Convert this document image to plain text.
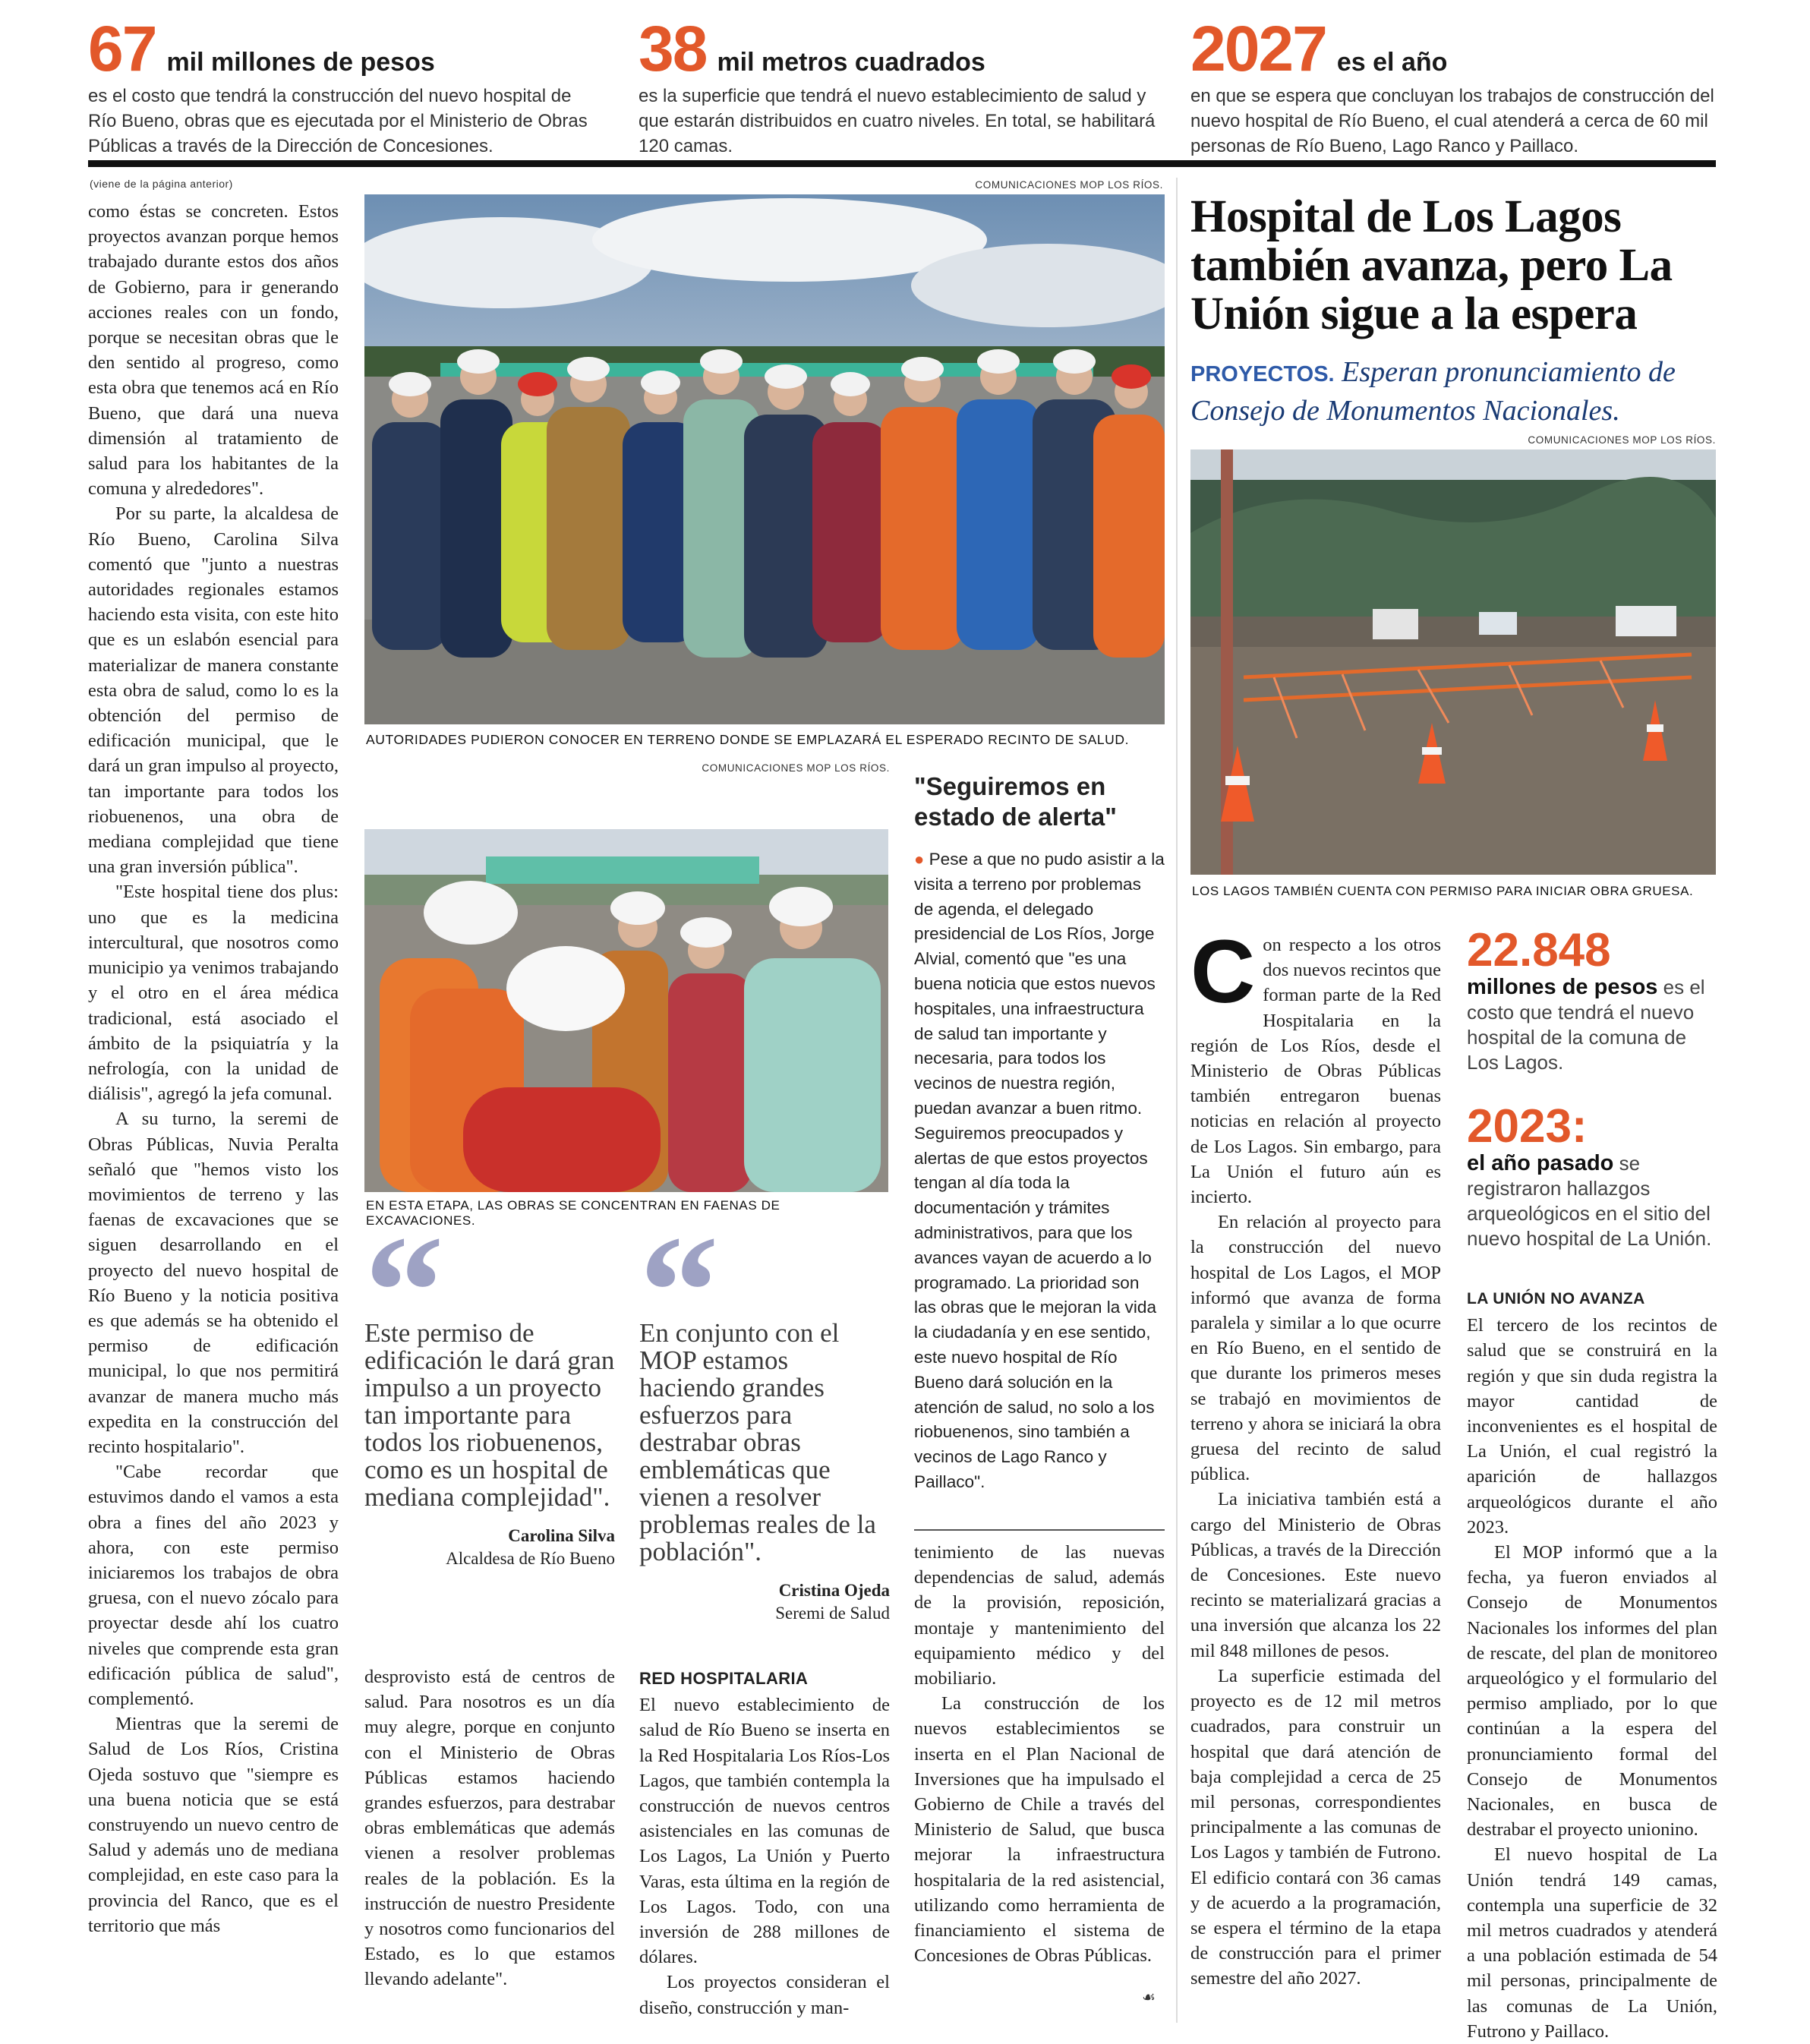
67 mil millones de pesos
es el costo que tendrá la construcción del nuevo hospital de Río Bueno, obras que es ejecutada por el Ministerio de Obras Públicas a través de la Dirección de Concesiones.
38 mil metros cuadrados
es la superficie que tendrá el nuevo establecimiento de salud y que estarán distribuidos en cuatro niveles. En total, se habilitará 120 camas.
2027 es el año
en que se espera que concluyan los trabajos de construcción del nuevo hospital de Río Bueno, el cual atenderá a cerca de 60 mil personas de Río Bueno, Lago Ranco y Paillaco.
(viene de la página anterior)

como éstas se concreten. Estos proyectos avanzan porque hemos trabajado durante estos dos años de Gobierno, para ir generando acciones reales con un fondo, porque se necesitan obras que le den sentido al progreso, como esta obra que tenemos acá en Río Bueno, que dará una nueva dimensión al tratamiento de salud para los habitantes de la comuna y alrededores".

Por su parte, la alcaldesa de Río Bueno, Carolina Silva comentó que "junto a nuestras autoridades regionales estamos haciendo esta visita, con este hito que es un eslabón esencial para materializar de manera constante esta obra de salud, como lo es la obtención del permiso de edificación municipal, que le dará un gran impulso al proyecto, tan importante para todos los riobuenenos, una obra de mediana complejidad que tiene una gran inversión pública".

"Este hospital tiene dos plus: uno que es la medicina intercultural, que nosotros como municipio ya venimos trabajando y el otro en el área médica tradicional, está asociado el ámbito de la psiquiatría y la nefrología, con la unidad de diálisis", agregó la jefa comunal.

A su turno, la seremi de Obras Públicas, Nuvia Peralta señaló que "hemos visto los movimientos de terreno y las faenas de excavaciones que se siguen desarrollando en el proyecto del nuevo hospital de Río Bueno y la noticia positiva es que además se ha obtenido el permiso de edificación municipal, lo que nos permitirá avanzar de manera mucho más expedita en la construcción del recinto hospitalario".

"Cabe recordar que estuvimos dando el vamos a esta obra a fines del año 2023 y ahora, con este permiso iniciaremos los trabajos de obra gruesa, con el nuevo zócalo para proyectar desde ahí los cuatro niveles que comprende esta gran edificación pública de salud", complementó.

Mientras que la seremi de Salud de Los Ríos, Cristina Ojeda sostuvo que "siempre es una buena noticia que se está construyendo un nuevo centro de Salud y además uno de mediana complejidad, en este caso para la provincia del Ranco, que es el territorio que más

COMUNICACIONES MOP LOS RÍOS.
AUTORIDADES PUDIERON CONOCER EN TERRENO DONDE SE EMPLAZARÁ EL ESPERADO RECINTO DE SALUD.
COMUNICACIONES MOP LOS RÍOS.
EN ESTA ETAPA, LAS OBRAS SE CONCENTRAN EN FAENAS DE EXCAVACIONES.
Este permiso de edificación le dará gran impulso a un proyecto tan importante para todos los riobuenenos, como es un hospital de mediana complejidad".
Carolina Silva
Alcaldesa de Río Bueno
En conjunto con el MOP estamos haciendo grandes esfuerzos para destrabar obras emblemáticas que vienen a resolver problemas reales de la población".
Cristina Ojeda
Seremi de Salud
"Seguiremos en estado de alerta"
● Pese a que no pudo asistir a la visita a terreno por problemas de agenda, el delegado presidencial de Los Ríos, Jorge Alvial, comentó que "es una buena noticia que estos nuevos hospitales, una infraestructura de salud tan importante y necesaria, para todos los vecinos de nuestra región, puedan avanzar a buen ritmo. Seguiremos preocupados y alertas de que estos proyectos tengan al día toda la documentación y trámites administrativos, para que los avances vayan de acuerdo a lo programado. La prioridad son las obras que le mejoran la vida la ciudadanía y en ese sentido, este nuevo hospital de Río Bueno dará solución en la atención de salud, no solo a los riobuenenos, sino también a vecinos de Lago Ranco y Paillaco".

desprovisto está de centros de salud. Para nosotros es un día muy alegre, porque en conjunto con el Ministerio de Obras Públicas estamos haciendo grandes esfuerzos, para destrabar obras emblemáticas que además vienen a resolver problemas reales de la población. Es la instrucción de nuestro Presidente y nosotros como funcionarios del Estado, es lo que estamos llevando adelante".

RED HOSPITALARIA

El nuevo establecimiento de salud de Río Bueno se inserta en la Red Hospitalaria Los Ríos-Los Lagos, que también contempla la construcción de nuevos centros asistenciales en las comunas de Los Lagos, La Unión y Puerto Varas, esta última en la región de Los Lagos. Todo, con una inversión de 288 millones de dólares.

Los proyectos consideran el diseño, construcción y man-

tenimiento de las nuevas dependencias de salud, además de la provisión, reposición, montaje y mantenimiento del equipamiento médico y del mobiliario.

La construcción de los nuevos establecimientos se inserta en el Plan Nacional de Inversiones que ha impulsado el Gobierno de Chile a través del Ministerio de Salud, que busca mejorar la infraestructura hospitalaria de la red asistencial, utilizando como herramienta de financiamiento el sistema de Concesiones de Obras Públicas.

☙
Hospital de Los Lagos también avanza, pero La Unión sigue a la espera
PROYECTOS. Esperan pronunciamiento de Consejo de Monumentos Nacionales.
COMUNICACIONES MOP LOS RÍOS.
LOS LAGOS TAMBIÉN CUENTA CON PERMISO PARA INICIAR OBRA GRUESA.

Con respecto a los otros dos nuevos recintos que forman parte de la Red Hospitalaria en la región de Los Ríos, desde el Ministerio de Obras Públicas también entregaron buenas noticias en relación al proyecto de Los Lagos. Sin embargo, para La Unión el futuro aún es incierto.

En relación al proyecto para la construcción del nuevo hospital de Los Lagos, el MOP informó que avanza de forma paralela y similar a lo que ocurre en Río Bueno, en el sentido de que durante los primeros meses se trabajó en movimientos de terreno y ahora se iniciará la obra gruesa del recinto de salud pública.

La iniciativa también está a cargo del Ministerio de Obras Públicas, a través de la Dirección de Concesiones. Este nuevo recinto se materializará gracias a una inversión que alcanza los 22 mil 848 millones de pesos.

La superficie estimada del proyecto es de 12 mil metros cuadrados, para construir un hospital que dará atención de baja complejidad a cerca de 25 mil personas, correspondientes principalmente a las comunas de Los Lagos y también de Futrono. El edificio contará con 36 camas y de acuerdo a la programación, se espera el término de la etapa de construcción para el primer semestre del año 2027.

22.848
millones de pesos es el costo que tendrá el nuevo hospital de la comuna de Los Lagos.
2023:
el año pasado se registraron hallazgos arqueológicos en el sitio del nuevo hospital de La Unión.
LA UNIÓN NO AVANZA

El tercero de los recintos de salud que se construirá en la región y que sin duda registra la mayor cantidad de inconvenientes es el hospital de La Unión, el cual registró la aparición de hallazgos arqueológicos durante el año 2023.

El MOP informó que a la fecha, ya fueron enviados al Consejo de Monumentos Nacionales los informes del plan de rescate, del plan de monitoreo arqueológico y el formulario del permiso ampliado, por lo que continúan a la espera del pronunciamiento formal del Consejo de Monumentos Nacionales, en busca de destrabar el proyecto unionino.

El nuevo hospital de La Unión tendrá 149 camas, contempla una superficie de 32 mil metros cuadrados y atenderá a una población estimada de 54 mil personas, principalmente de las comunas de La Unión, Futrono y Paillaco.
